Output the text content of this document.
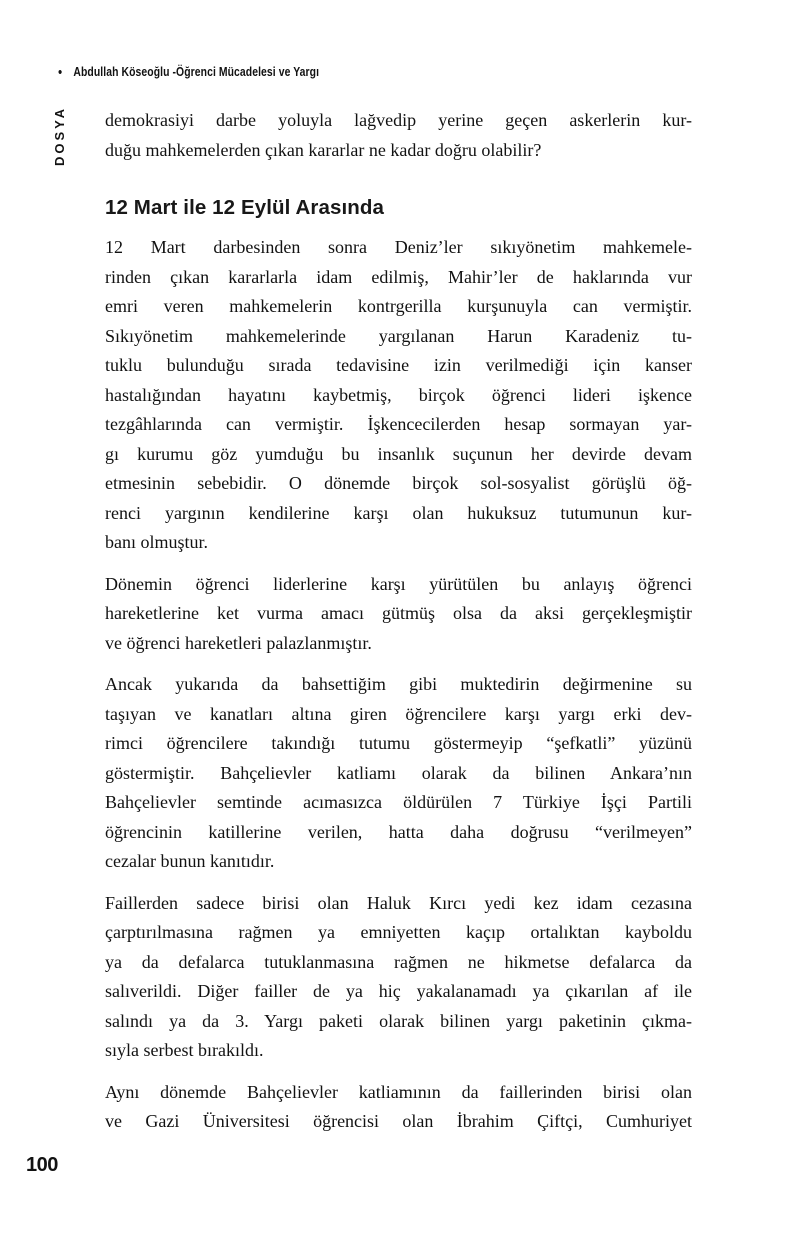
• Abdullah Köseoğlu - Öğrenci Mücadelesi ve Yargı
DOSYA demokrasiyi darbe yoluyla lağvedip yerine geçen askerlerin kur-
duğu mahkemelerden çıkan kararlar ne kadar doğru olabilir?
12 Mart ile 12 Eylül Arasında
12 Mart darbesinden sonra Deniz’ler sıkıyönetim mahkemele-
rinden çıkan kararlarla idam edilmiş, Mahir’ler de haklarında vur
emri veren mahkemelerin kontrgerilla kurşunuyla can vermiştir.
Sıkıyönetim mahkemelerinde yargılanan Harun Karadeniz tu-
tuklu bulunduğu sırada tedavisine izin verilmediği için kanser
hastalığından hayatını kaybetmiş, birçok öğrenci lideri işkence
tezgâhlarında can vermiştir. İşkencecilerden hesap sormayan yar-
gı kurumu göz yumduğu bu insanlık suçunun her devirde devam
etmesinin sebebidir. O dönemde birçok sol-sosyalist görüşlü öğ-
renci yargının kendilerine karşı olan hukuksuz tutumunun kur-
banı olmuştur.
Dönemin öğrenci liderlerine karşı yürütülen bu anlayış öğrenci
hareketlerine ket vurma amacı gütmüş olsa da aksi gerçekleşmiştir
ve öğrenci hareketleri palazlanmıştır.
Ancak yukarıda da bahsettiğim gibi muktedirin değirmenine su
taşıyan ve kanatları altına giren öğrencilere karşı yargı erki dev-
rimci öğrencilere takındığı tutumu göstermeyip “şefkatli” yüzünü
göstermiştir. Bahçelievler katliamı olarak da bilinen Ankara’nın
Bahçelievler semtinde acımasızca öldürülen 7 Türkiye İşçi Partili
öğrencinin katillerine verilen, hatta daha doğrusu “verilmeyen”
cezalar bunun kanıtıdır.
Faillerden sadece birisi olan Haluk Kırcı yedi kez idam cezasına
çarptırılmasına rağmen ya emniyetten kaçıp ortalıktan kayboldu
ya da defalarca tutuklanmasına rağmen ne hikmetse defalarca da
salıverildi. Diğer failler de ya hiç yakalanamadı ya çıkarılan af ile
salındı ya da 3. Yargı paketi olarak bilinen yargı paketinin çıkma-
sıyla serbest bırakıldı.
Aynı dönemde Bahçelievler katliamının da faillerinden birisi olan
ve Gazi Üniversitesi öğrencisi olan İbrahim Çiftçi, Cumhuriyet
100
